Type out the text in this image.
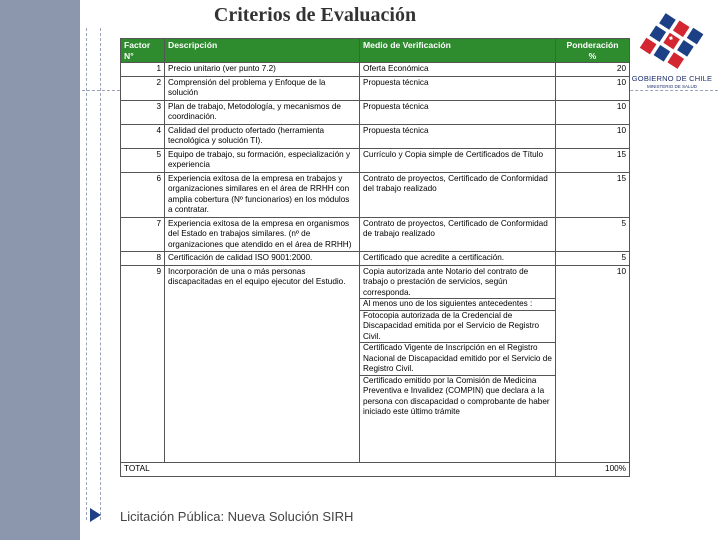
Criterios de Evaluación
GOBIERNO DE CHILE
MINISTERIO DE SALUD
Factor
N°	Descripción	Medio de Verificación	Ponderación
%
1	Precio unitario (ver punto 7.2)	Oferta Económica	20
2	Comprensión del problema y Enfoque de la solución	Propuesta técnica	10
3	Plan de trabajo, Metodología, y mecanismos de coordinación.	Propuesta técnica	10
4	Calidad del producto ofertado (herramienta tecnológica y solución TI).	Propuesta técnica	10
5	Equipo de trabajo, su formación, especialización y experiencia	Currículo y Copia simple de Certificados de Título	15
6	Experiencia exitosa de la empresa en trabajos y organizaciones similares en el área de RRHH con amplia cobertura (Nº funcionarios) en los módulos a contratar.	Contrato de proyectos, Certificado de Conformidad del trabajo realizado	15
7	Experiencia exitosa de la empresa en organismos del Estado en trabajos similares. (nº de organizaciones que atendido en el área de RRHH)	Contrato de proyectos, Certificado de Conformidad de trabajo realizado	5
8	Certificación de calidad ISO 9001:2000.	Certificado que acredite a certificación.	5
9	Incorporación de una o más personas discapacitadas en el equipo ejecutor del Estudio.	Copia autorizada ante Notario del contrato de trabajo o prestación de servicios, según corresponda.
Al menos uno de los siguientes antecedentes :
Fotocopia autorizada de la Credencial de Discapacidad emitida por el Servicio de Registro Civil.
Certificado Vigente de Inscripción en el Registro Nacional de Discapacidad emitido por el Servicio de Registro Civil.
Certificado emitido por la Comisión de Medicina Preventiva e Invalidez (COMPIN) que declara a la persona con discapacidad o comprobante de haber iniciado este último trámite	10
TOTAL			100%
Licitación Pública: Nueva Solución SIRH
